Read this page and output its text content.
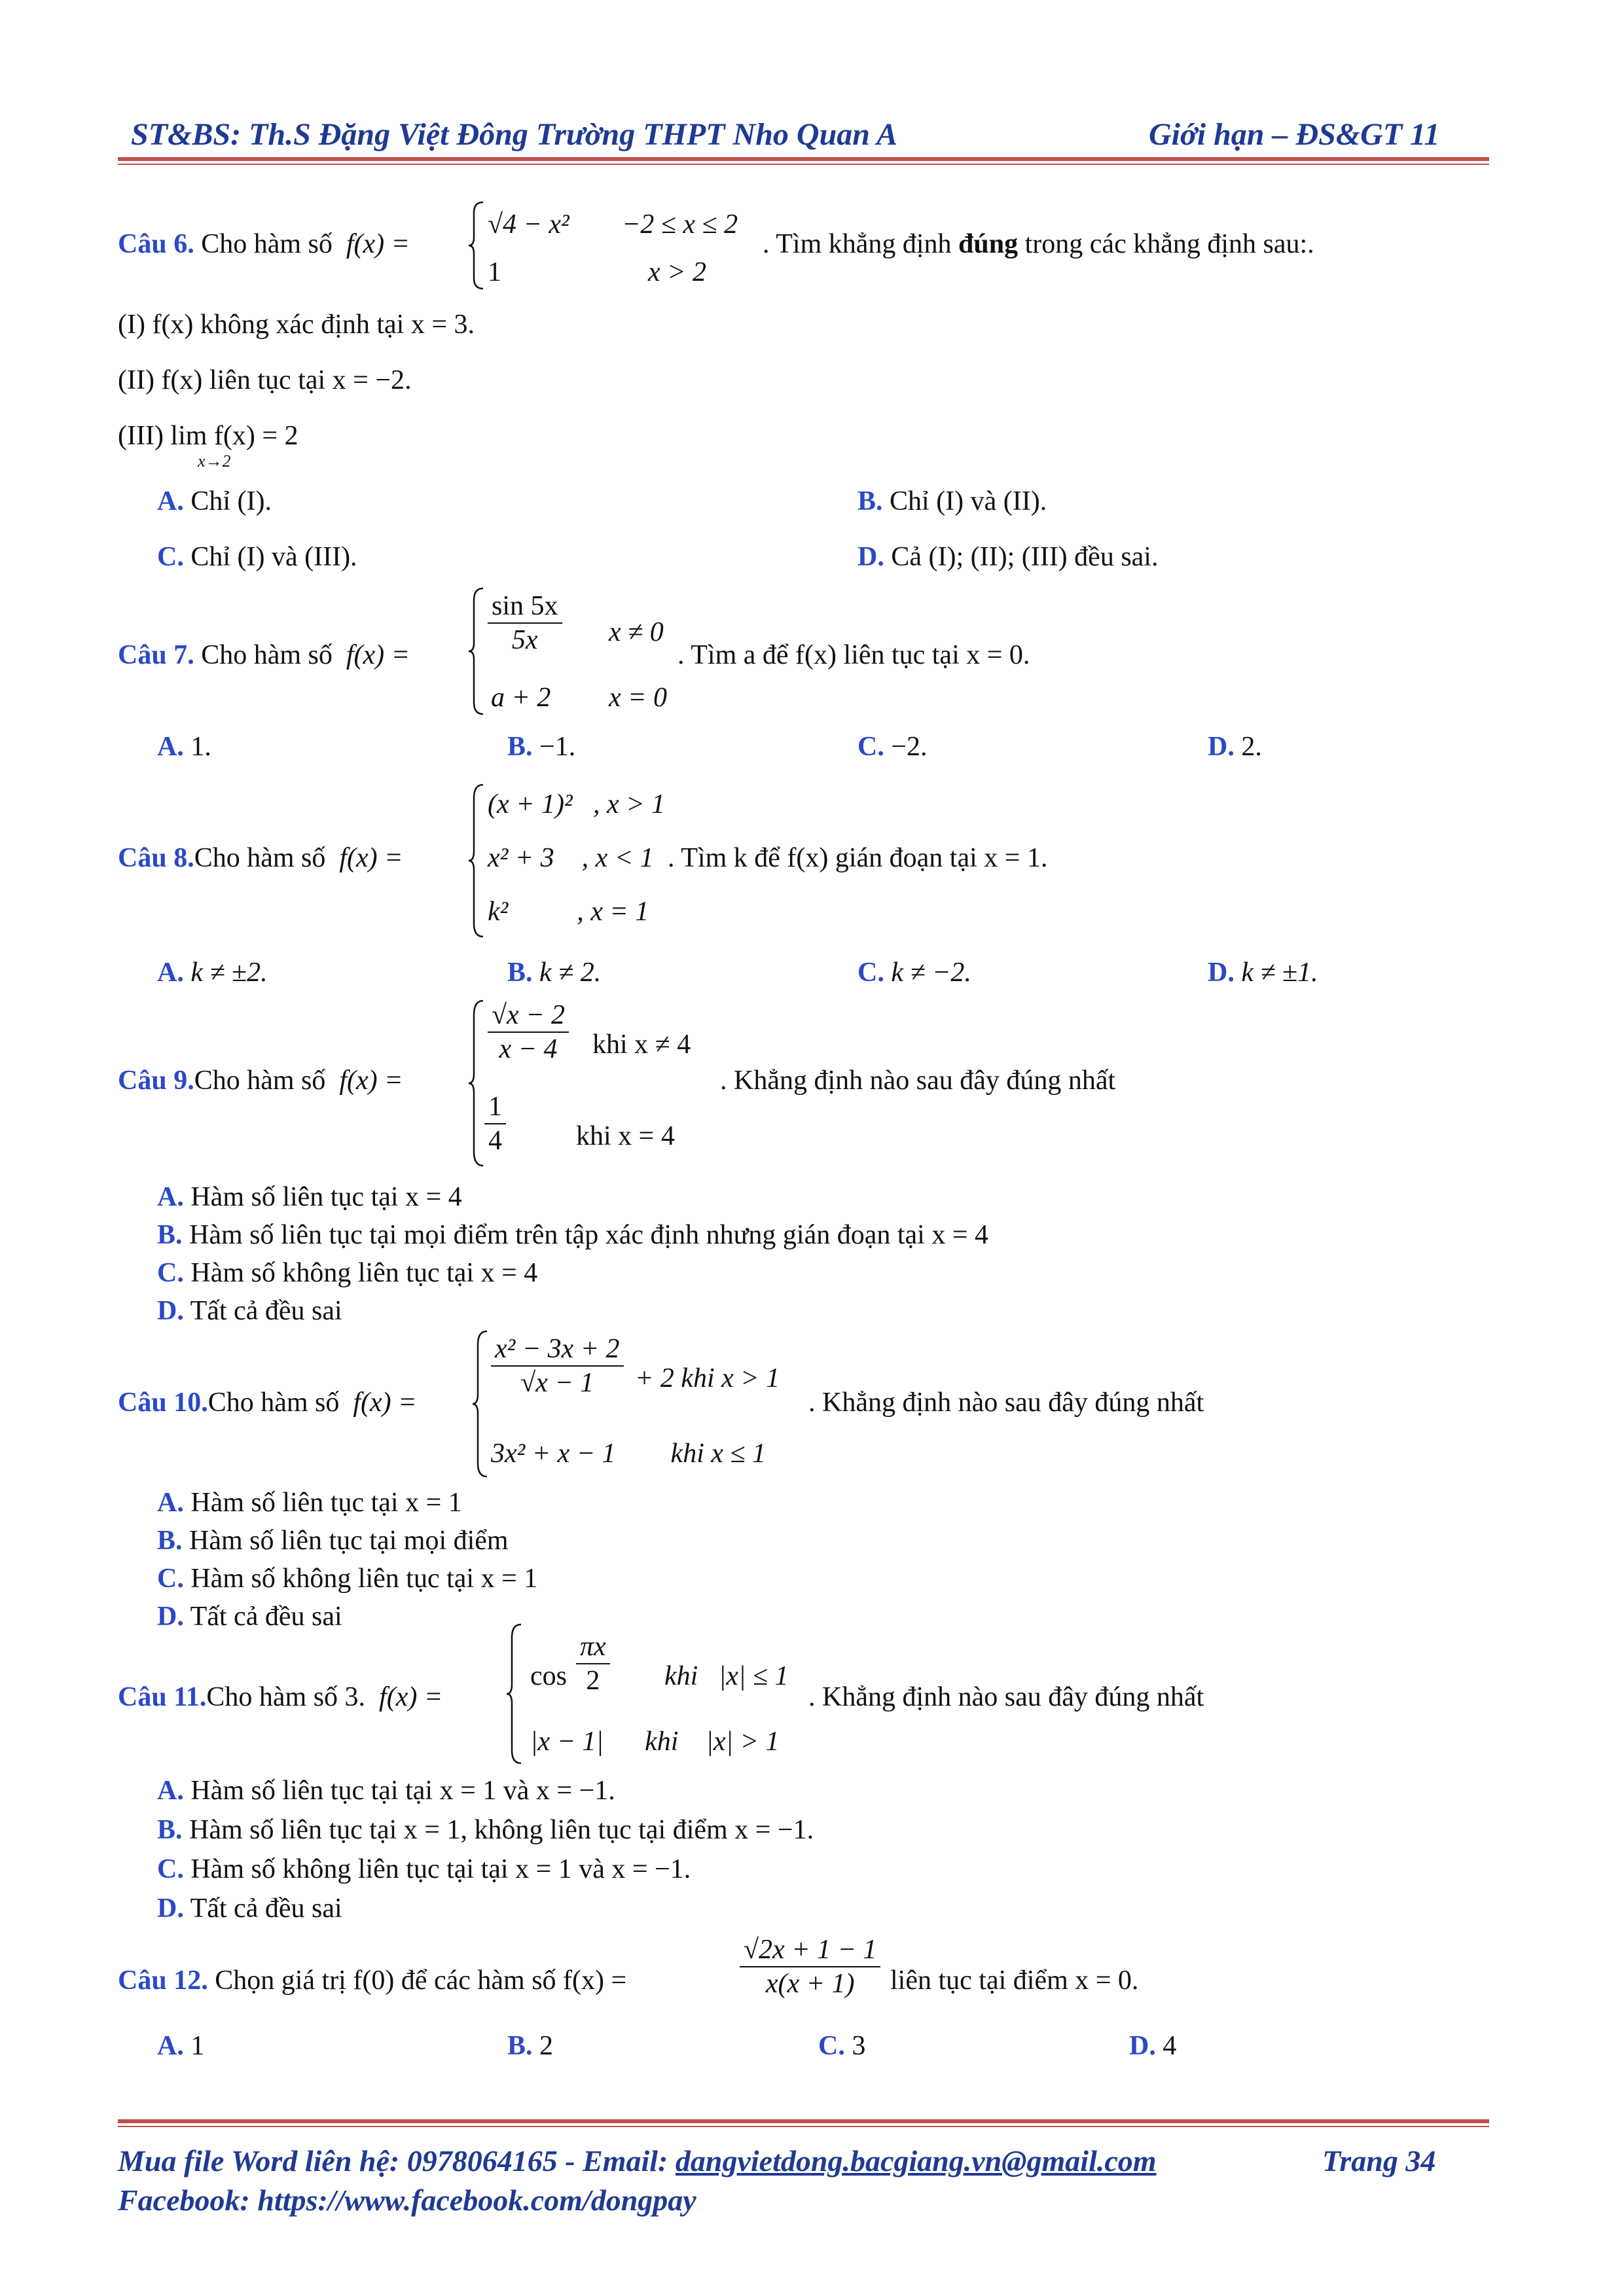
ST&BS: Th.S Đặng Việt Đông Trường THPT Nho Quan A	Giới hạn – ĐS&GT 11
Câu 6. Cho hàm số  f(x) =
√4 − x² −2 ≤ x ≤ 2
1	x > 2
. Tìm khẳng định đúng trong các khẳng định sau:.
(I) f(x) không xác định tại x = 3.
(II) f(x) liên tục tại x = −2.
(III) lim f(x) = 2
x→2
A. Chỉ (I).	B. Chỉ (I) và (II).
C. Chỉ (I) và (III).	D. Cả (I); (II); (III) đều sai.
Câu 7. Cho hàm số  f(x) =
$\frac{\sin 5x}{5x}$ x ≠ 0
a + 2 x = 0
. Tìm a để f(x) liên tục tại x = 0.
A. 1.	B. −1.	C. −2.	D. 2.
Câu 8.Cho hàm số  f(x) =
(x + 1)²   , x > 1
x² + 3    , x < 1
k²          , x = 1
. Tìm k để f(x) gián đoạn tại x = 1.
A. k ≠ ±2.	B. k ≠ 2.	C. k ≠ −2.	D. k ≠ ±1.
Câu 9.Cho hàm số  f(x) =
$\frac{√x - 2}{x - 4}$ khi x ≠ 4
$\frac{1}{4}$	khi x = 4
. Khẳng định nào sau đây đúng nhất
A. Hàm số liên tục tại x = 4
B. Hàm số liên tục tại mọi điểm trên tập xác định nhưng gián đoạn tại x = 4
C. Hàm số không liên tục tại x = 4
D. Tất cả đều sai
Câu 10.Cho hàm số  f(x) =
$\frac{\text{x² − 3x + 2}}{√x - 1} + 2$ khi x > 1
3x² + x − 1        khi x ≤ 1
. Khẳng định nào sau đây đúng nhất
A. Hàm số liên tục tại x = 1
B. Hàm số liên tục tại mọi điểm
C. Hàm số không liên tục tại x = 1
D. Tất cả đều sai
Câu 11.Cho hàm số 3.  f(x) =
$\cos \frac{\pi x}{2}$ khi   |x| ≤ 1
|x − 1|      khi    |x| > 1
. Khẳng định nào sau đây đúng nhất
A. Hàm số liên tục tại tại x = 1 và x = −1.
B. Hàm số liên tục tại x = 1, không liên tục tại điểm x = −1.
C. Hàm số không liên tục tại tại x = 1 và x = −1.
D. Tất cả đều sai
Câu 12. Chọn giá trị f(0) để các hàm số f(x) =	$\frac{√2x + 1 - 1}{x(x + 1)}$ liên tục tại điểm x = 0.
A. 1	B. 2	C. 3	D. 4
Mua file Word liên hệ: 0978064165 - Email: dangvietdong.bacgiang.vn@gmail.com	Trang 34
Facebook: https://www.facebook.com/dongpay
